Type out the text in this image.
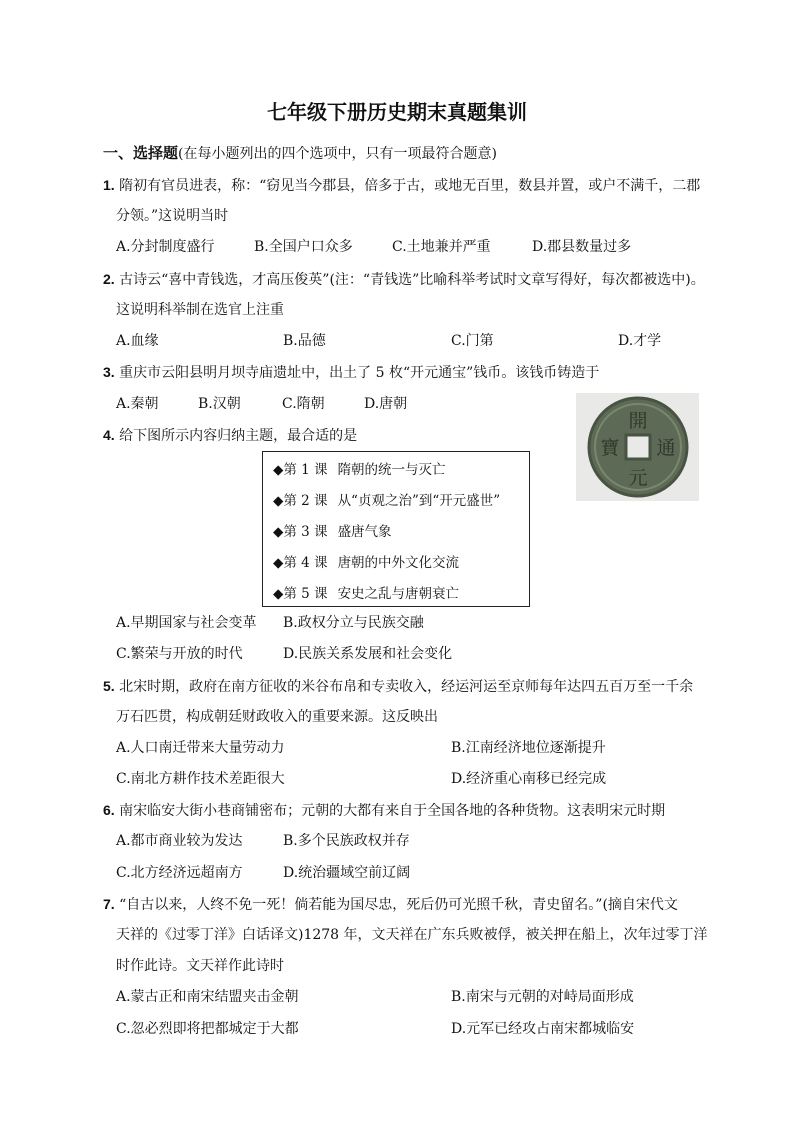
七年级下册历史期末真题集训
一、选择题(在每小题列出的四个选项中，只有一项最符合题意)
1. 隋初有官员进表，称：“窃见当今郡县，倍多于古，或地无百里，数县并置，或户不满千，二郡
分领。”这说明当时
A.分封制度盛行	B.全国户口众多	C.土地兼并严重	D.郡县数量过多
2. 古诗云“喜中青钱选，才高压俊英”(注：“青钱选”比喻科举考试时文章写得好，每次都被选中)。
这说明科举制在选官上注重
A.血缘	B.品德	C.门第	D.才学
3. 重庆市云阳县明月坝寺庙遗址中，出土了 5 枚“开元通宝”钱币。该钱币铸造于
A.秦朝	B.汉朝	C.隋朝	D.唐朝
開
元
通
寶
4. 给下图所示内容归纳主题，最合适的是
◆第 1 课 隋朝的统一与灭亡
◆第 2 课 从“贞观之治”到“开元盛世”
◆第 3 课 盛唐气象
◆第 4 课 唐朝的中外文化交流
◆第 5 课 安史之乱与唐朝衰亡
A.早期国家与社会变革 B.政权分立与民族交融
C.繁荣与开放的时代	D.民族关系发展和社会变化
5. 北宋时期，政府在南方征收的米谷布帛和专卖收入，经运河运至京师每年达四五百万至一千余
万石匹贯，构成朝廷财政收入的重要来源。这反映出
A.人口南迁带来大量劳动力	B.江南经济地位逐渐提升
C.南北方耕作技术差距很大	D.经济重心南移已经完成
6. 南宋临安大街小巷商铺密布；元朝的大都有来自于全国各地的各种货物。这表明宋元时期
A.都市商业较为发达	B.多个民族政权并存
C.北方经济远超南方	D.统治疆域空前辽阔
7. “自古以来，人终不免一死！倘若能为国尽忠，死后仍可光照千秋，青史留名。”(摘自宋代文
天祥的《过零丁洋》白话译文)1278 年，文天祥在广东兵败被俘，被关押在船上，次年过零丁洋
时作此诗。文天祥作此诗时
A.蒙古正和南宋结盟夹击金朝	B.南宋与元朝的对峙局面形成
C.忽必烈即将把都城定于大都	D.元军已经攻占南宋都城临安
